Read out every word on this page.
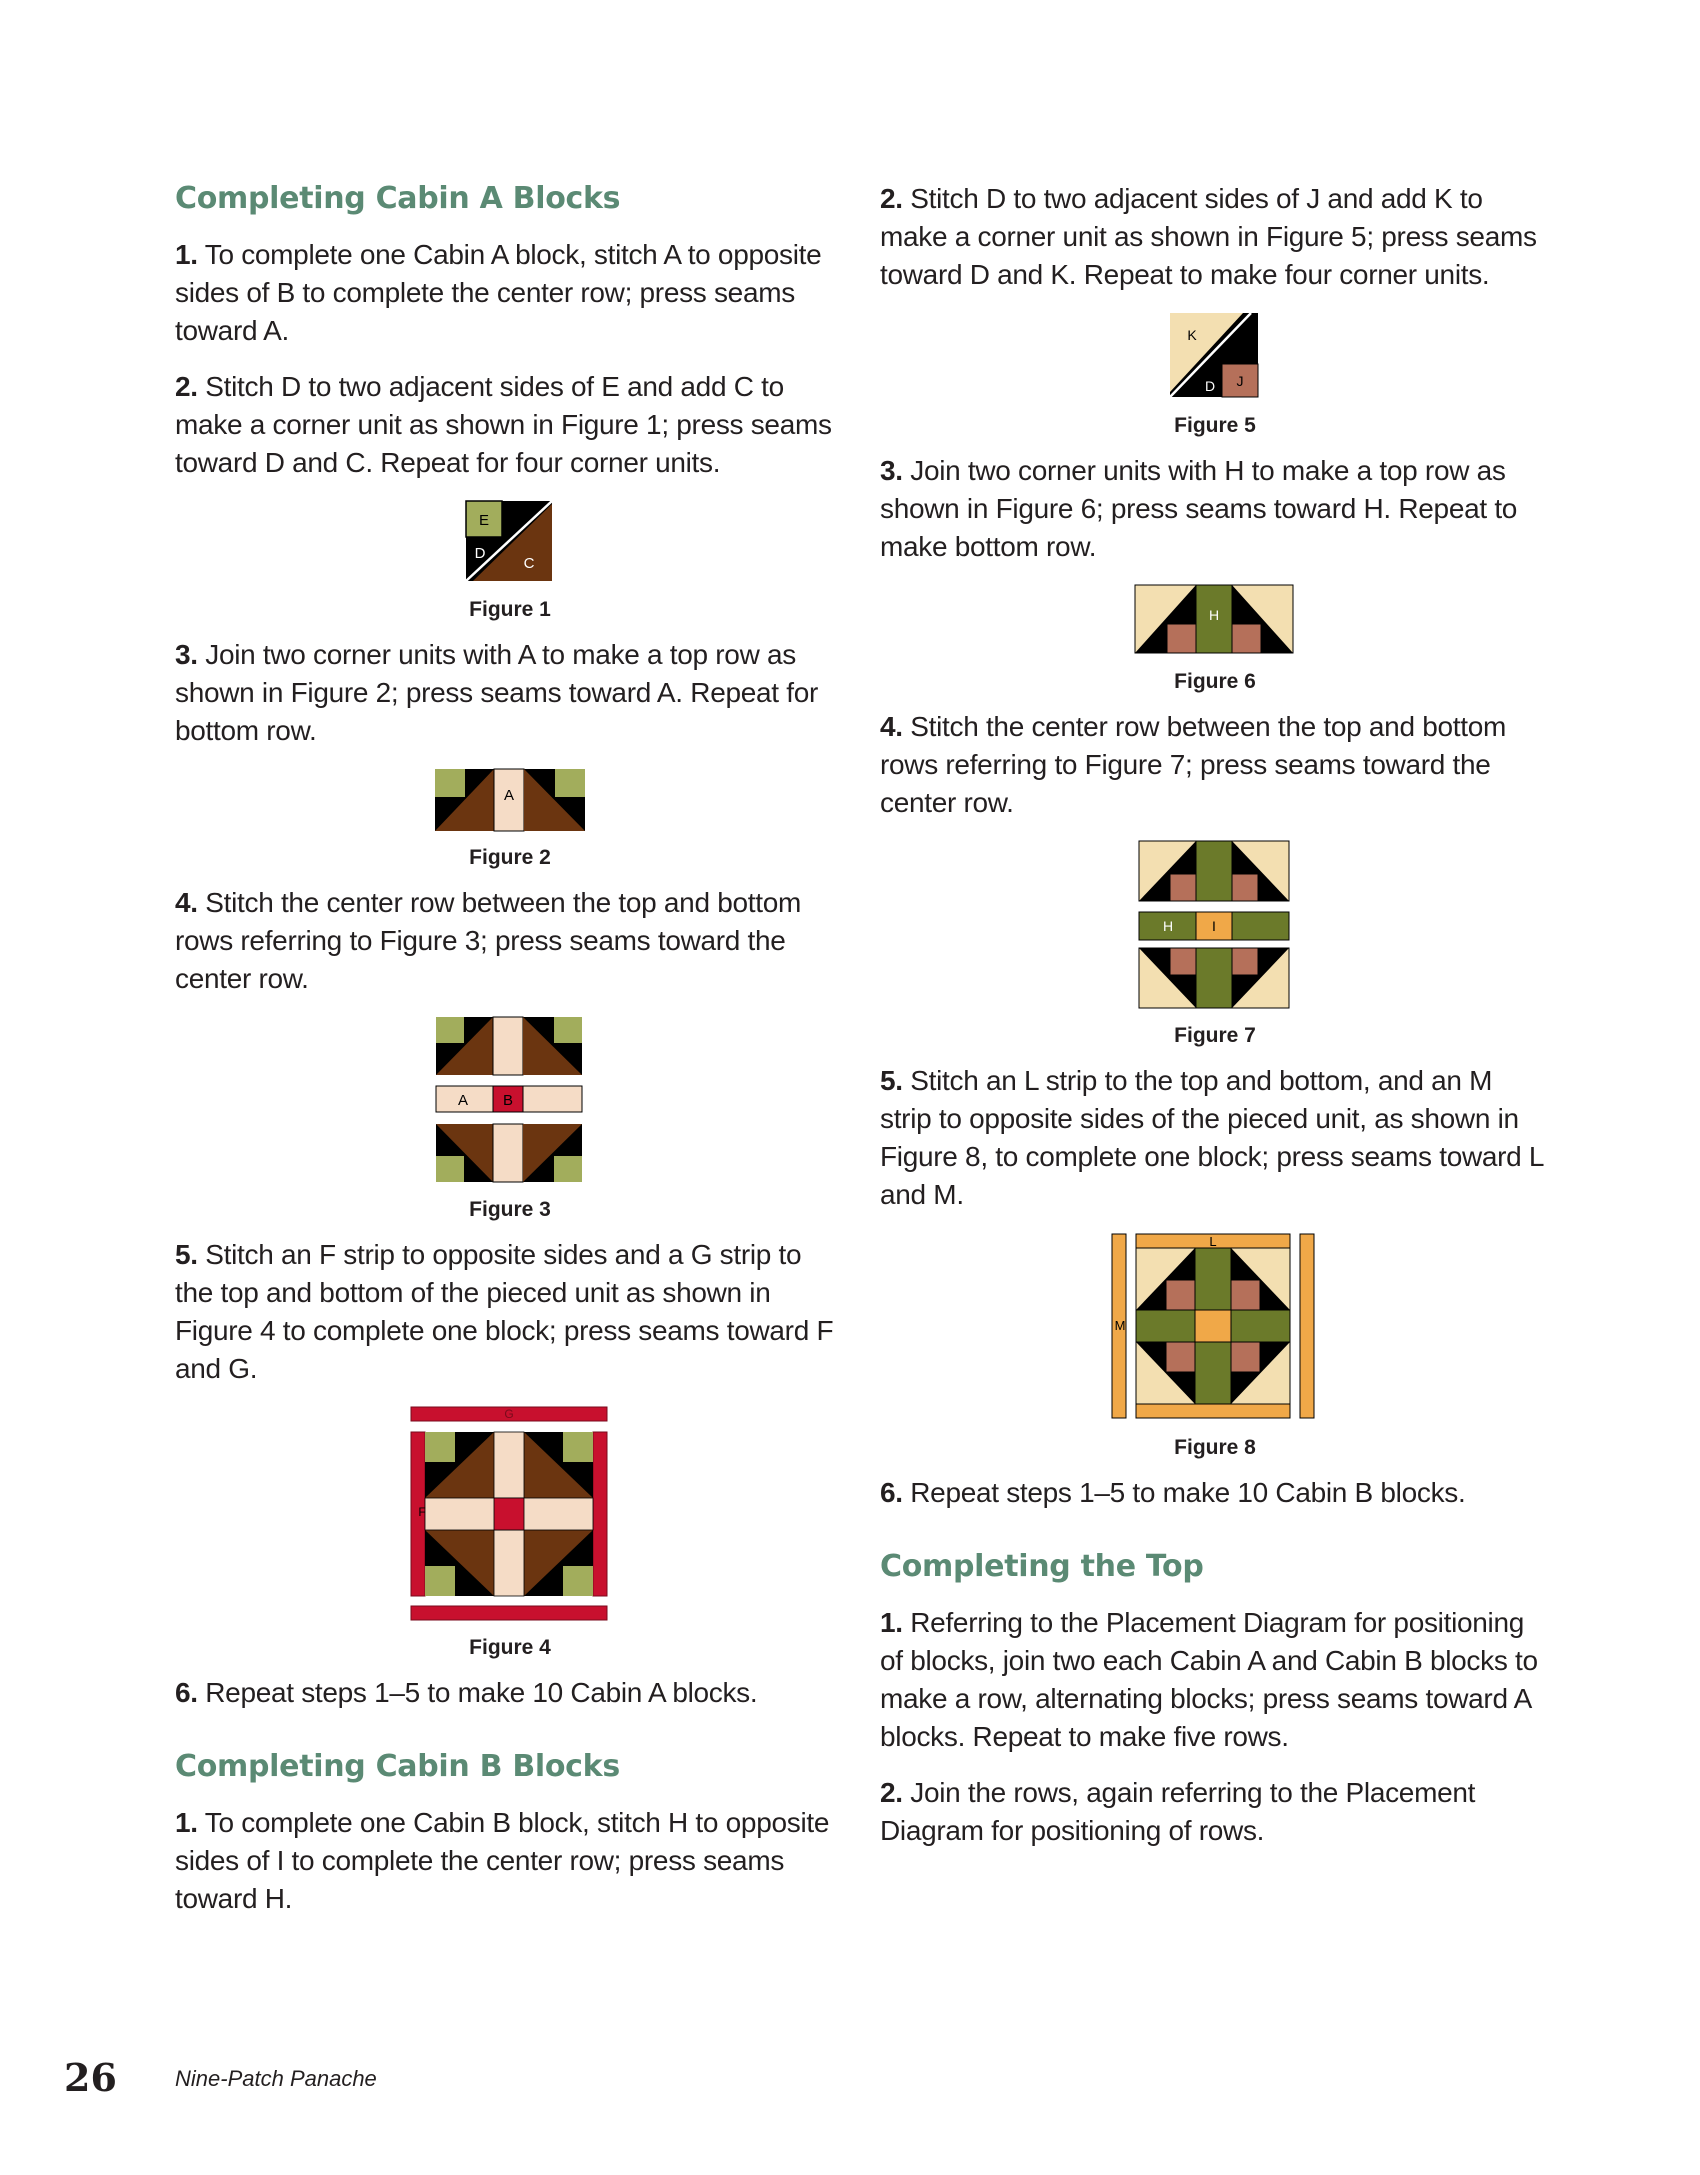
Completing Cabin A Blocks

1. To complete one Cabin A block, stitch A to opposite sides of B to complete the center row; press seams toward A.

2. Stitch D to two adjacent sides of E and add C to make a corner unit as shown in Figure 1; press seams toward D and C. Repeat for four corner units.

E
D
C
Figure 1

3. Join two corner units with A to make a top row as shown in Figure 2; press seams toward A. Repeat for bottom row.

A
Figure 2

4. Stitch the center row between the top and bottom rows referring to Figure 3; press seams toward the center row.

A B
Figure 3

5. Stitch an F strip to opposite sides and a G strip to the top and bottom of the pieced unit as shown in Figure 4 to complete one block; press seams toward F and G.

F
G
Figure 4

6. Repeat steps 1–5 to make 10 Cabin A blocks.

Completing Cabin B Blocks

1. To complete one Cabin B block, stitch H to opposite sides of I to complete the center row; press seams toward H.

2. Stitch D to two adjacent sides of J and add K to make a corner unit as shown in Figure 5; press seams toward D and K. Repeat to make four corner units.

K
D J
Figure 5

3. Join two corner units with H to make a top row as shown in Figure 6; press seams toward H. Repeat to make bottom row.

H
Figure 6

4. Stitch the center row between the top and bottom rows referring to Figure 7; press seams toward the center row.

H	I
Figure 7

5. Stitch an L strip to the top and bottom, and an M strip to opposite sides of the pieced unit, as shown in Figure 8, to complete one block; press seams toward L and M.

L
M
Figure 8

6. Repeat steps 1–5 to make 10 Cabin B blocks.

Completing the Top

1. Referring to the Placement Diagram for positioning of blocks, join two each Cabin A and Cabin B blocks to make a row, alternating blocks; press seams toward A blocks. Repeat to make five rows.

2. Join the rows, again referring to the Placement Diagram for positioning of rows.

26	Nine-Patch Panache
